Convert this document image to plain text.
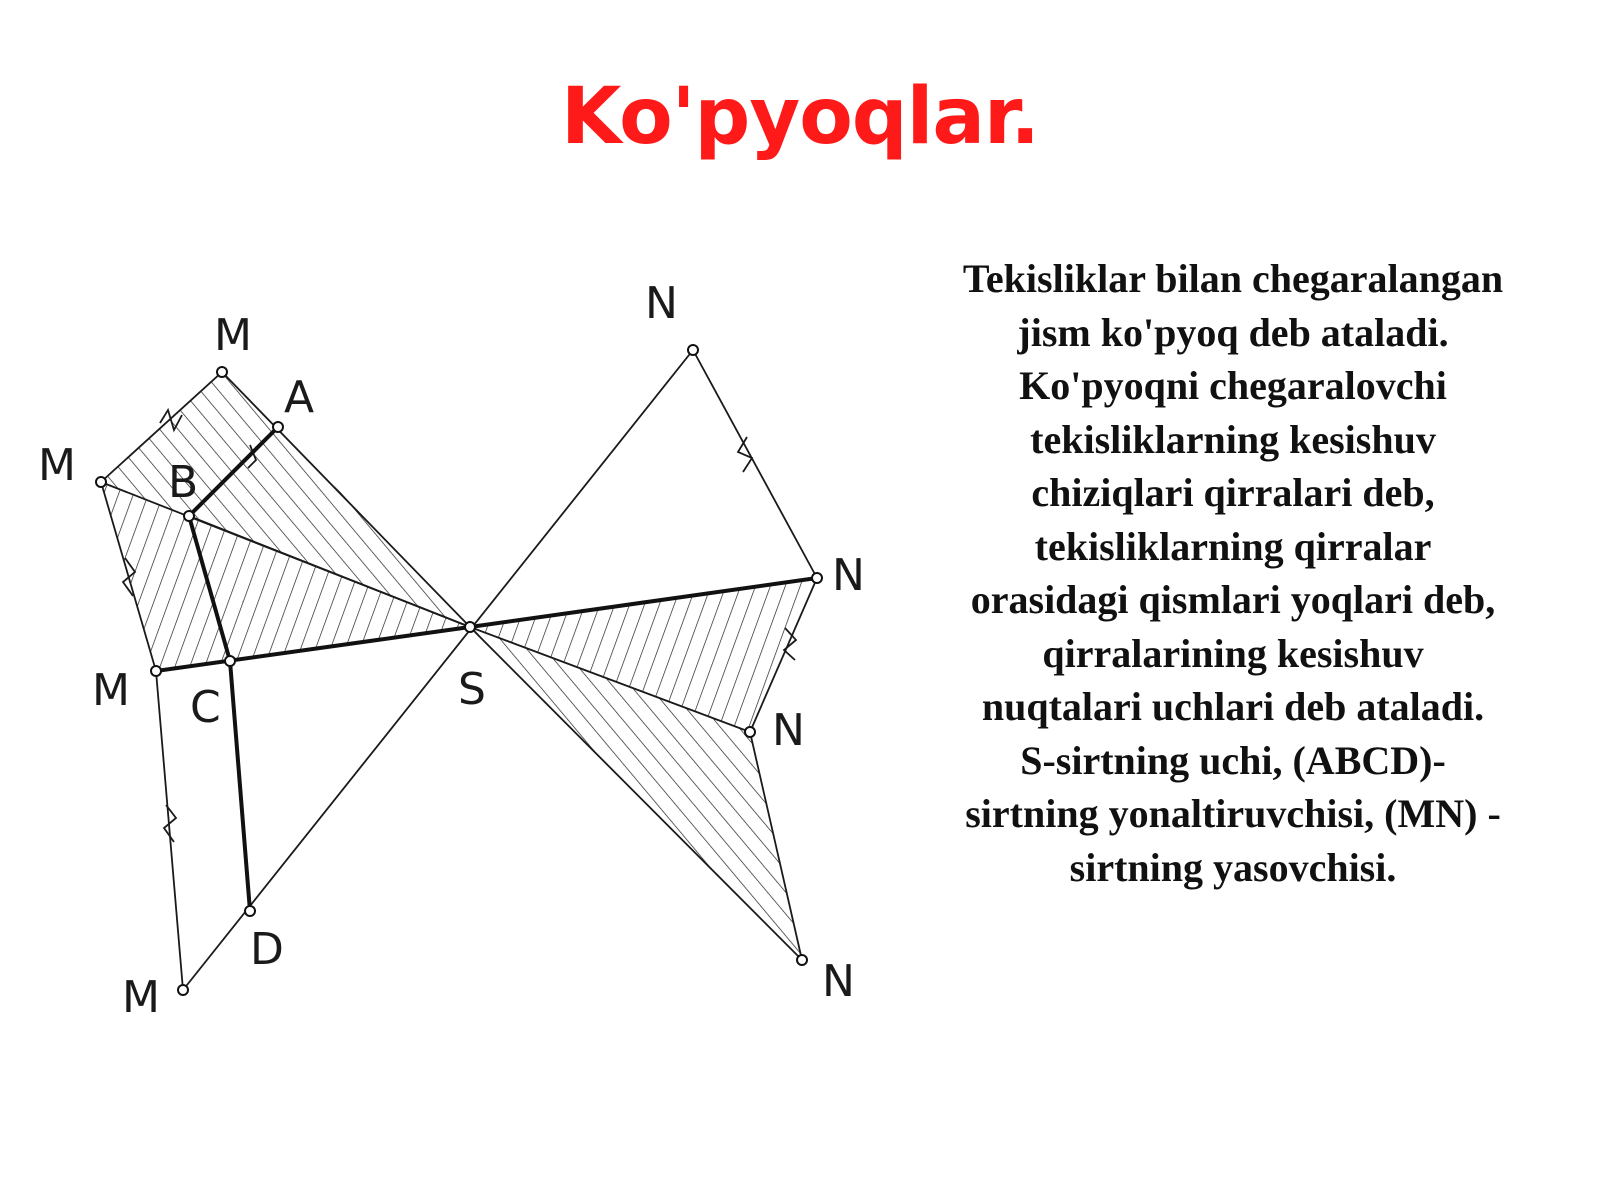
Ko'pyoqlar.
M
M
M
M
A
B
C
D
S
N
N
N
N
Tekisliklar bilan chegaralangan
jism ko'pyoq deb ataladi.
Ko'pyoqni chegaralovchi
tekisliklarning kesishuv
chiziqlari qirralari deb,
tekisliklarning qirralar
orasidagi qismlari yoqlari deb,
qirralarining kesishuv
nuqtalari uchlari deb ataladi.
S-sirtning uchi, (ABCD)-
sirtning yonaltiruvchisi, (MN) -
sirtning yasovchisi.
